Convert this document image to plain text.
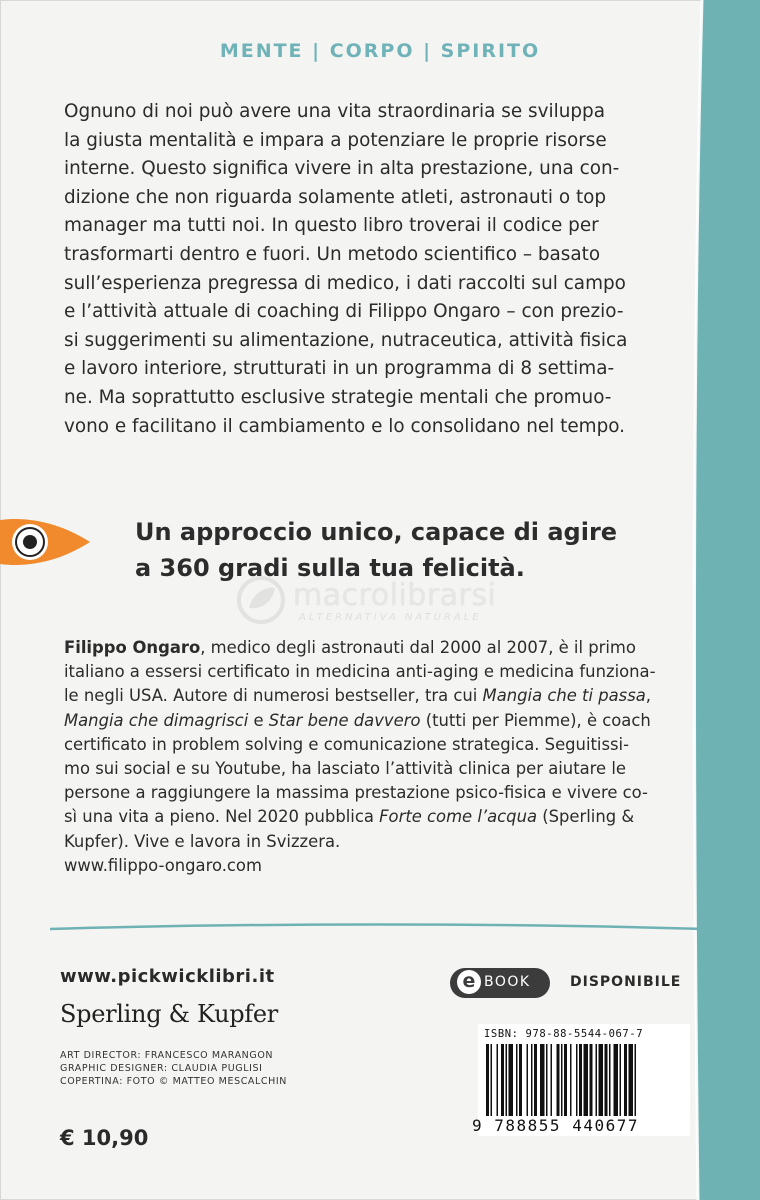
MENTE | CORPO | SPIRITO
Ognuno di noi può avere una vita straordinaria se sviluppa
la giusta mentalità e impara a potenziare le proprie risorse
interne. Questo significa vivere in alta prestazione, una con-
dizione che non riguarda solamente atleti, astronauti o top
manager ma tutti noi. In questo libro troverai il codice per
trasformarti dentro e fuori. Un metodo scientifico – basato
sull’esperienza pregressa di medico, i dati raccolti sul campo
e l’attività attuale di coaching di Filippo Ongaro – con prezio-
si suggerimenti su alimentazione, nutraceutica, attività fisica
e lavoro interiore, strutturati in un programma di 8 settima-
ne. Ma soprattutto esclusive strategie mentali che promuo-
vono e facilitano il cambiamento e lo consolidano nel tempo.
Un approccio unico, capace di agire
a 360 gradi sulla tua felicità.
macrolibrarsi
ALTERNATIVA NATURALE
Filippo Ongaro, medico degli astronauti dal 2000 al 2007, è il primo
italiano a essersi certificato in medicina anti-aging e medicina funziona-
le negli USA. Autore di numerosi bestseller, tra cui Mangia che ti passa,
Mangia che dimagrisci e Star bene davvero (tutti per Piemme), è coach
certificato in problem solving e comunicazione strategica. Seguitissi-
mo sui social e su Youtube, ha lasciato l’attività clinica per aiutare le
persone a raggiungere la massima prestazione psico-fisica e vivere co-
sì una vita a pieno. Nel 2020 pubblica Forte come l’acqua (Sperling &
Kupfer). Vive e lavora in Svizzera.
www.filippo-ongaro.com
www.pickwicklibri.it
Sperling & Kupfer
ART DIRECTOR: FRANCESCO MARANGON
GRAPHIC DESIGNER: CLAUDIA PUGLISI
COPERTINA: FOTO © MATTEO MESCALCHIN
€ 10,90
e BOOK	DISPONIBILE
ISBN: 978-88-5544-067-7
9 788855 440677
